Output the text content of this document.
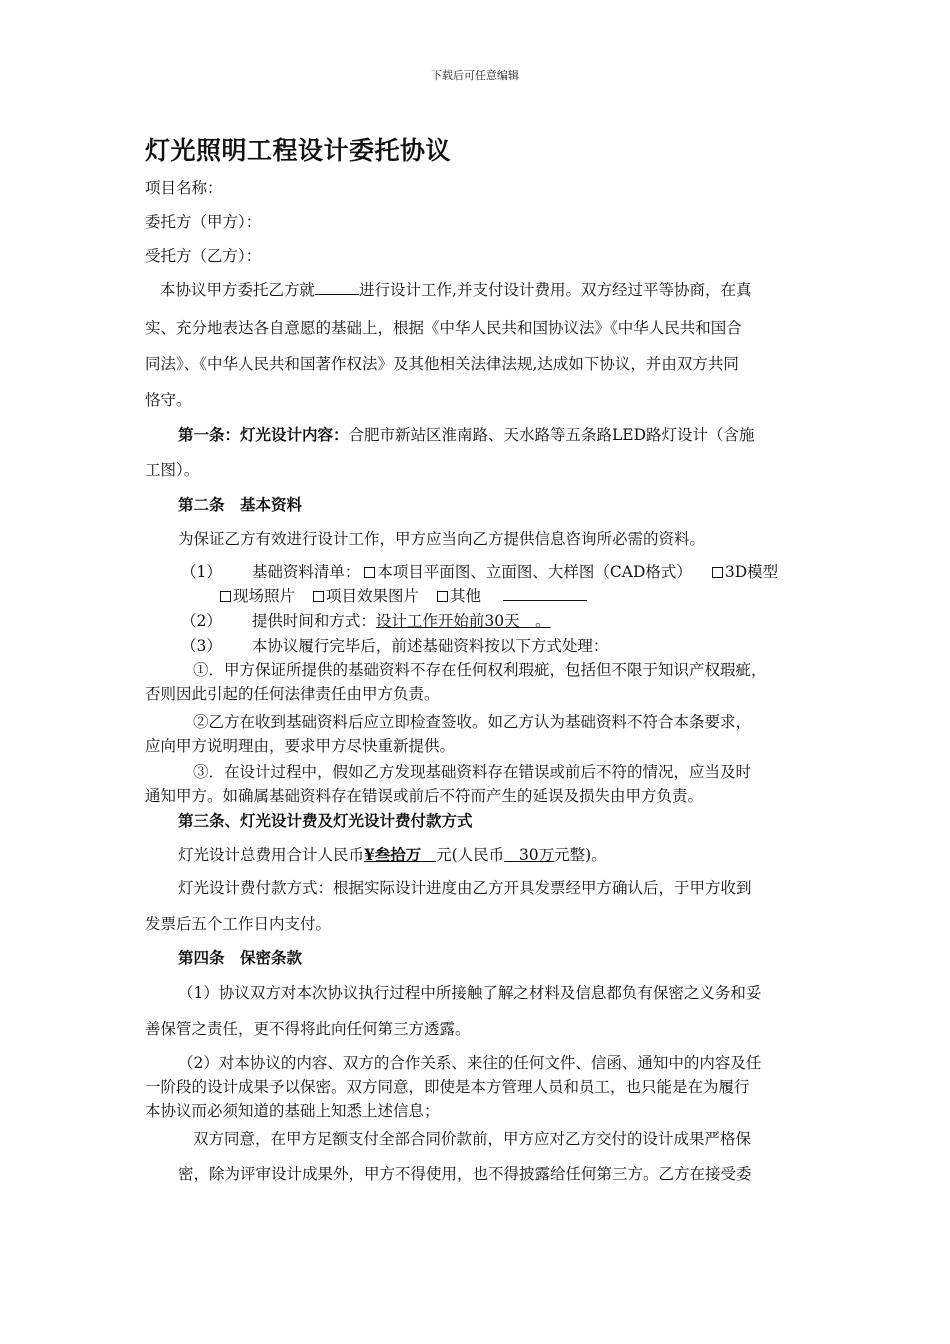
下载后可任意编辑
灯光照明工程设计委托协议
项目名称：
委托方（甲方）：
受托方（乙方）：
本协议甲方委托乙方就	进行设计工作,并支付设计费用。双方经过平等协商，在真
实、充分地表达各自意愿的基础上，根据《中华人民共和国协议法》《中华人民共和国合
同法》、《中华人民共和国著作权法》及其他相关法律法规,达成如下协议，并由双方共同
恪守。
第一条：灯光设计内容：合肥市新站区淮南路、天水路等五条路LED路灯设计（含施
工图）。
第二条　基本资料
为保证乙方有效进行设计工作，甲方应当向乙方提供信息咨询所必需的资料。
（1） 基础资料清单： 本项目平面图、立面图、大样图（CAD格式） 3D模型
现场照片 项目效果图片 其他
（2） 提供时间和方式：设计工作开始前30天　。
（3） 本协议履行完毕后，前述基础资料按以下方式处理：
①．甲方保证所提供的基础资料不存在任何权利瑕疵，包括但不限于知识产权瑕疵，
否则因此引起的任何法律责任由甲方负责。
②乙方在收到基础资料后应立即检查签收。如乙方认为基础资料不符合本条要求，
应向甲方说明理由，要求甲方尽快重新提供。
③．在设计过程中，假如乙方发现基础资料存在错误或前后不符的情况，应当及时
通知甲方。如确属基础资料存在错误或前后不符而产生的延误及损失由甲方负责。
第三条、灯光设计费及灯光设计费付款方式
灯光设计总费用合计人民币¥叁拾万 元(人民币 30万元整)。
灯光设计费付款方式：根据实际设计进度由乙方开具发票经甲方确认后，于甲方收到
发票后五个工作日内支付。
第四条　保密条款
（1）协议双方对本次协议执行过程中所接触了解之材料及信息都负有保密之义务和妥
善保管之责任，更不得将此向任何第三方透露。
（2）对本协议的内容、双方的合作关系、来往的任何文件、信函、通知中的内容及任
一阶段的设计成果予以保密。双方同意，即使是本方管理人员和员工，也只能是在为履行
本协议而必须知道的基础上知悉上述信息；
双方同意，在甲方足额支付全部合同价款前，甲方应对乙方交付的设计成果严格保
密，除为评审设计成果外，甲方不得使用，也不得披露给任何第三方。乙方在接受委
